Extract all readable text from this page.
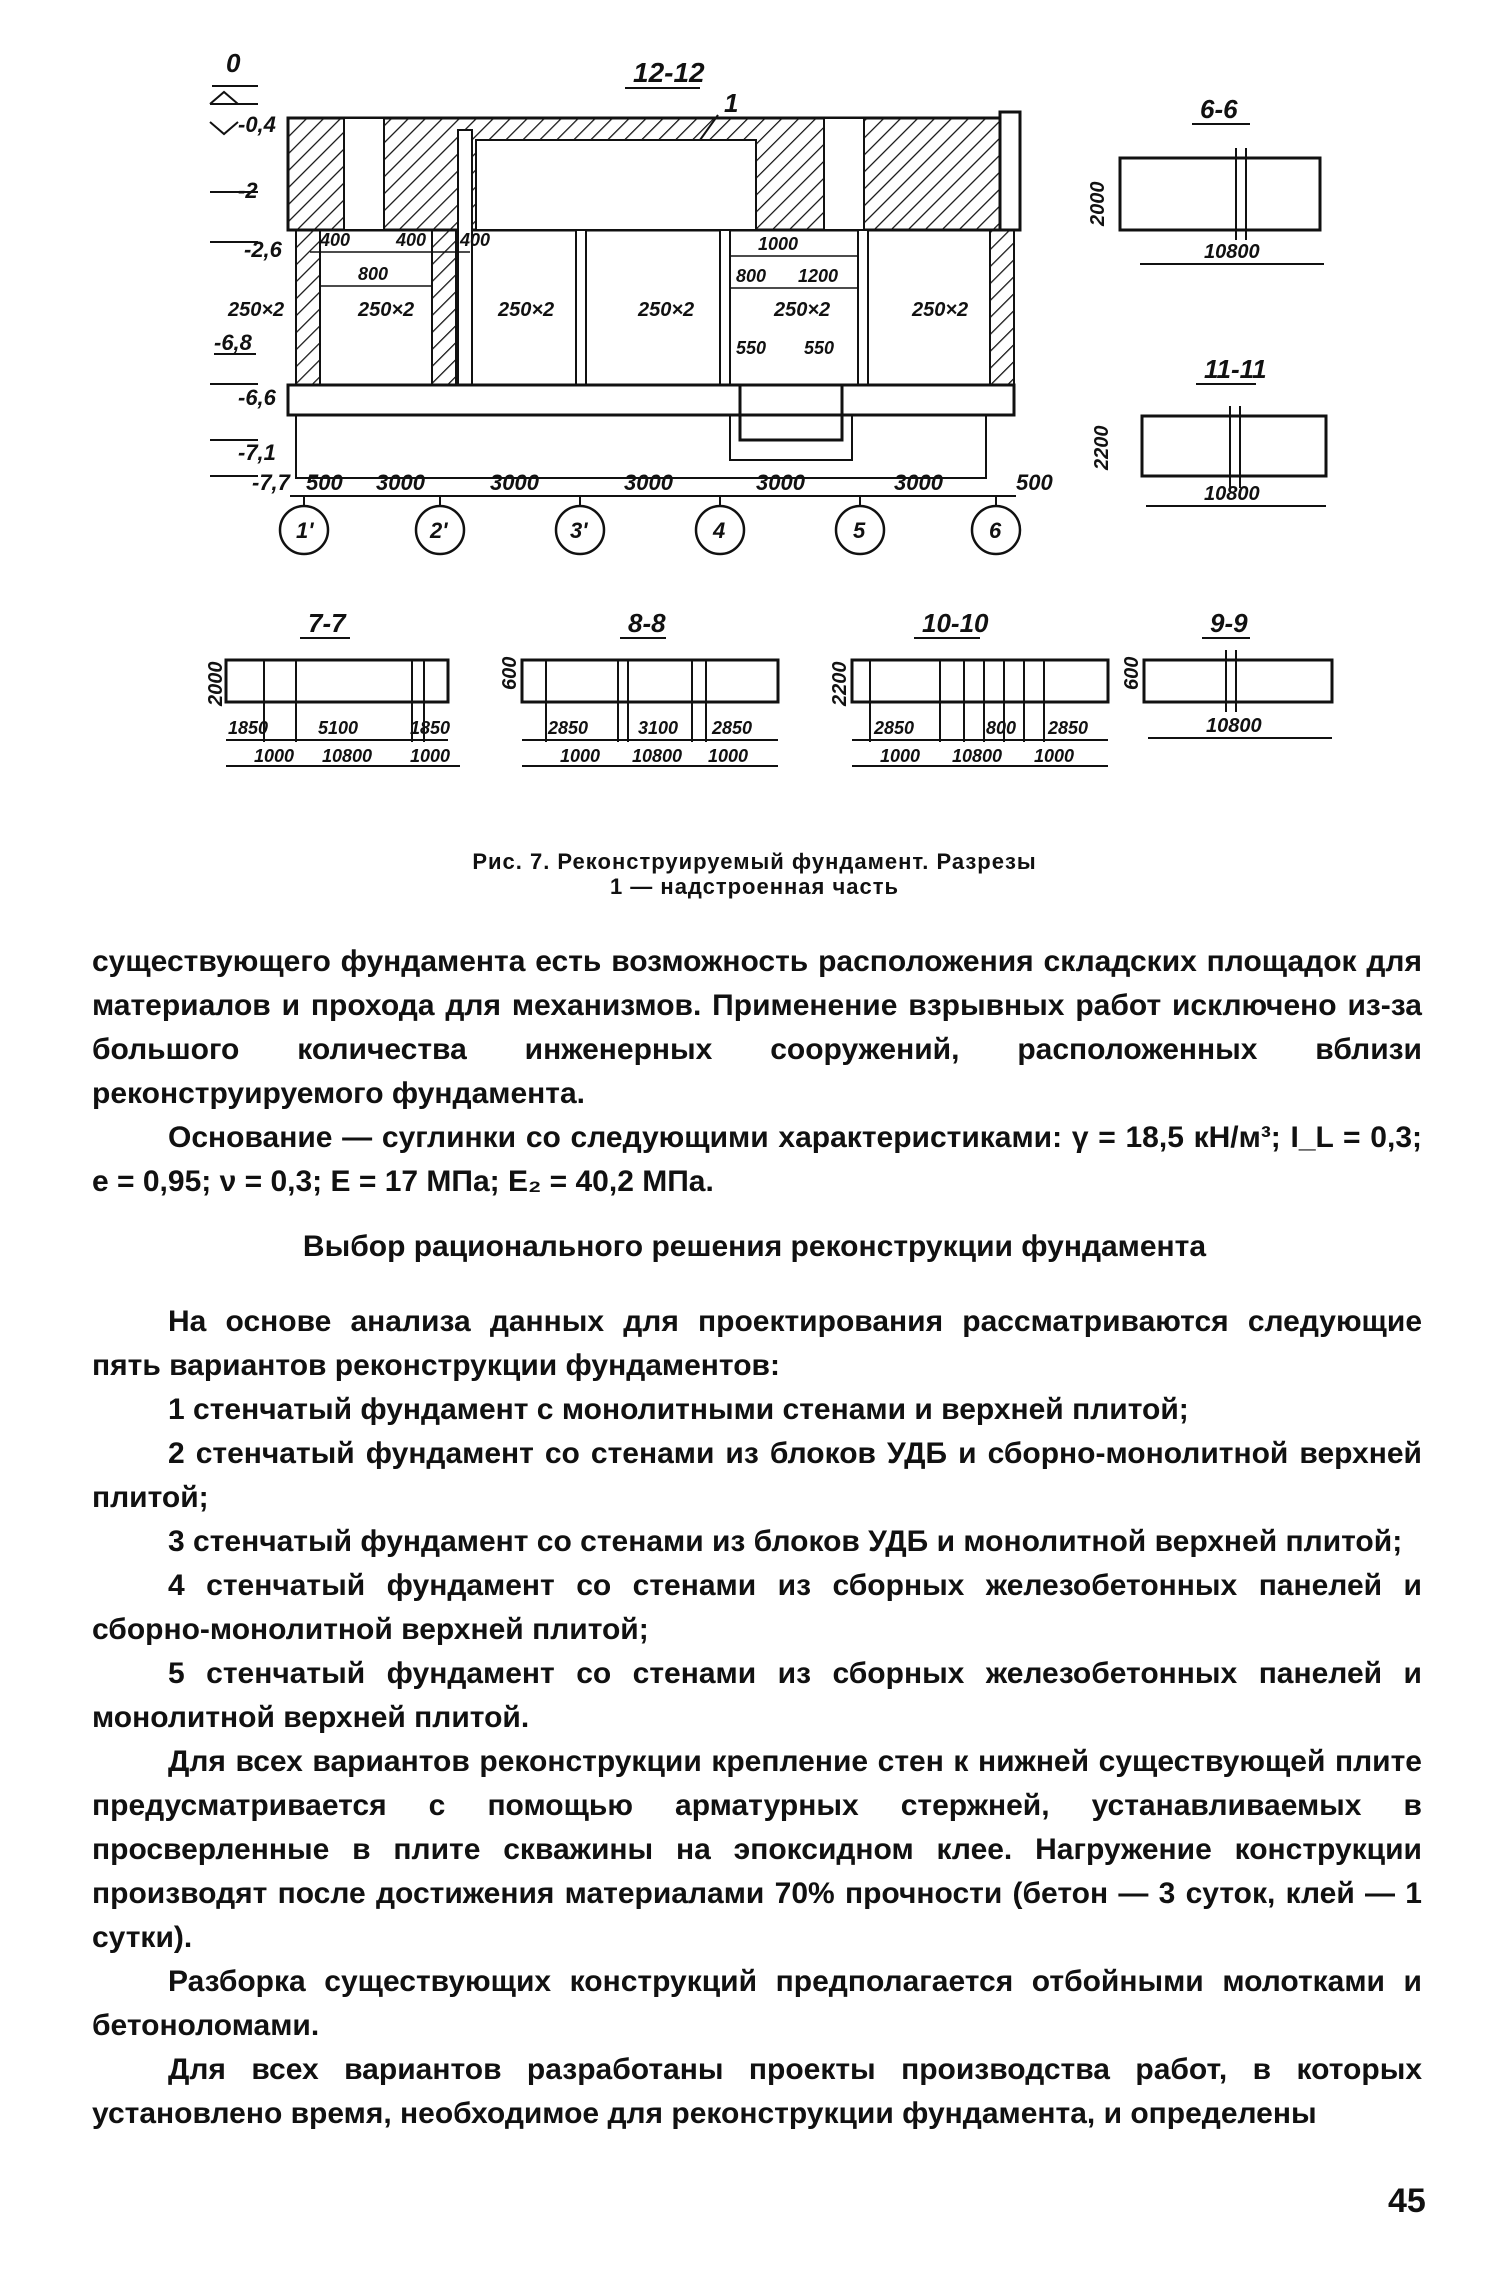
12-12
1
0
-0,4
-2
-2,6
-6,8
-6,6
-7,1
-7,7
250×2	250×2	250×2	250×2	250×2	250×2
400	400 400
800
1000
800 1200
550 550
500 3000	3000	3000	3000	3000	500
1'	2'	3'	4	5	6
6-6
10800
2000
11-11
10800
2200
7-7
1850	5100	1850
1000 10800 1000
2000
8-8
2850	3100 2850
1000 10800 1000
600
10-10
2850	800 2850
1000 10800 1000
2200
9-9
10800
600
Рис. 7. Реконструируемый фундамент. Разрезы
1 — надстроенная часть

существующего фундамента есть возможность расположения складских площадок для материалов и прохода для механизмов. Применение взрывных работ исключено из-за большого количества инженерных сооружений, расположенных вблизи реконструируемого фундамента.

Основание — суглинки со следующими характеристиками: γ = 18,5 кН/м³; I_L = 0,3; e = 0,95; ν = 0,3; E = 17 МПа; E₂ = 40,2 МПа.

Выбор рационального решения реконструкции фундамента

На основе анализа данных для проектирования рассматриваются следующие пять вариантов реконструкции фундаментов:

1 стенчатый фундамент с монолитными стенами и верхней плитой;

2 стенчатый фундамент со стенами из блоков УДБ и сборно-монолитной верхней плитой;

3 стенчатый фундамент со стенами из блоков УДБ и монолитной верхней плитой;

4 стенчатый фундамент со стенами из сборных железобетонных панелей и сборно-монолитной верхней плитой;

5 стенчатый фундамент со стенами из сборных железобетонных панелей и монолитной верхней плитой.

Для всех вариантов реконструкции крепление стен к нижней существующей плите предусматривается с помощью арматурных стержней, устанавливаемых в просверленные в плите скважины на эпоксидном клее. Нагружение конструкции производят после достижения материалами 70% прочности (бетон — 3 суток, клей — 1 сутки).

Разборка существующих конструкций предполагается отбойными молотками и бетоноломами.

Для всех вариантов разработаны проекты производства работ, в которых установлено время, необходимое для реконструкции фундамента, и определены

45
